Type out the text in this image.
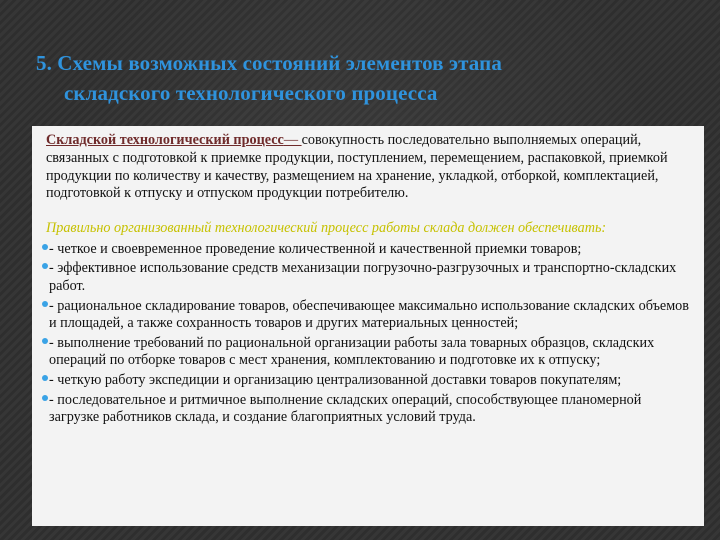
5. Схемы возможных состояний элементов этапа
складского технологического процесса

Складской технологический процесс— совокупность последовательно выполняемых операций, связанных с подготовкой к приемке продукции, поступлением, перемещением, распаковкой, приемкой продукции по количеству и качеству, размещением на хранение, укладкой, отборкой, комплектацией, подготовкой к отпуску и отпуском продукции потребителю.

Правильно организованный технологический процесс работы склада должен обеспечивать:

- четкое и своевременное проведение количественной и качественной приемки товаров;
- эффективное использование средств механизации погрузочно-разгрузочных и транспортно-складских работ.
- рациональное складирование товаров, обеспечивающее максимально использование складских объемов и площадей, а также сохранность товаров и других материальных ценностей;
- выполнение требований по рациональной организации работы зала товарных образцов, складских операций по отборке товаров с мест хранения, комплектованию и подготовке их к отпуску;
- четкую работу экспедиции и организацию централизованной доставки товаров покупателям;
- последовательное и ритмичное выполнение складских операций, способствующее планомерной загрузке работников склада, и создание благоприятных условий труда.
